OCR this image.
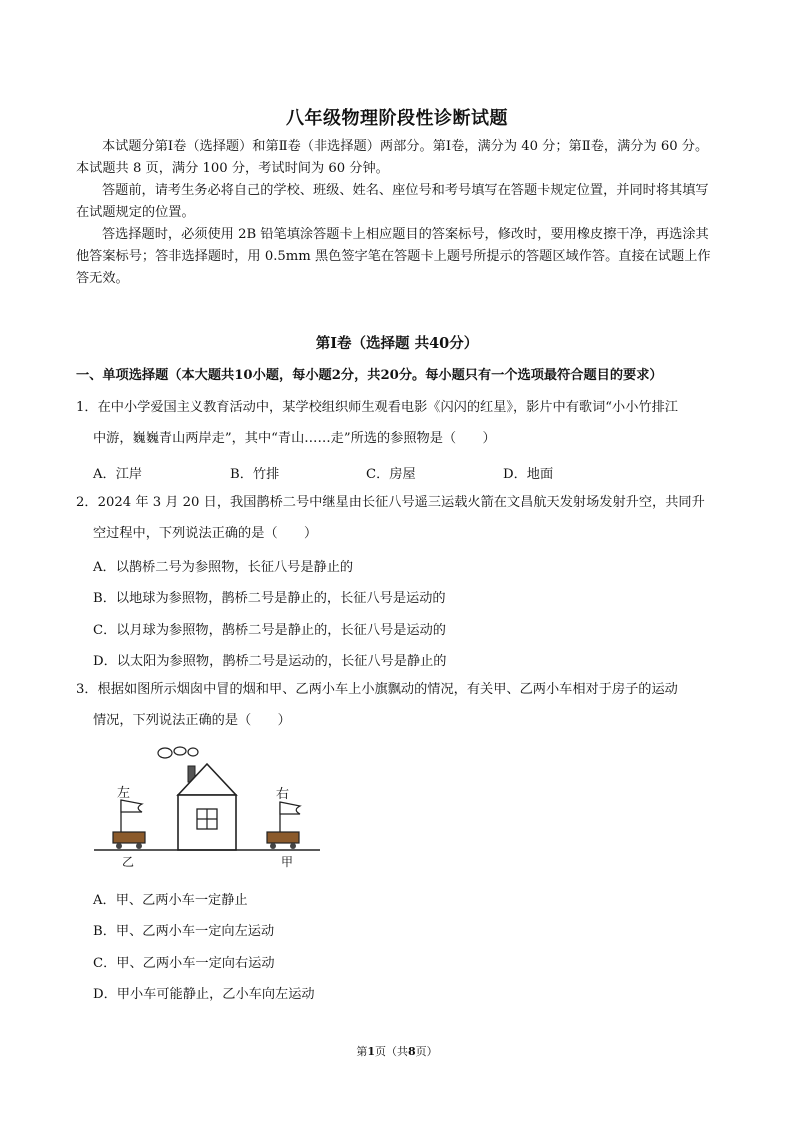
八年级物理阶段性诊断试题

本试题分第Ⅰ卷（选择题）和第Ⅱ卷（非选择题）两部分。第Ⅰ卷，满分为 40 分；第Ⅱ卷，满分为 60 分。本试题共 8 页，满分 100 分，考试时间为 60 分钟。

答题前，请考生务必将自己的学校、班级、姓名、座位号和考号填写在答题卡规定位置，并同时将其填写在试题规定的位置。

答选择题时，必须使用 2B 铅笔填涂答题卡上相应题目的答案标号，修改时，要用橡皮擦干净，再选涂其他答案标号；答非选择题时，用 0.5mm 黑色签字笔在答题卡上题号所提示的答题区域作答。直接在试题上作答无效。

第Ⅰ卷（选择题 共40分）
一、单项选择题（本大题共10小题，每小题2分，共20分。每小题只有一个选项最符合题目的要求）
1．在中小学爱国主义教育活动中，某学校组织师生观看电影《闪闪的红星》，影片中有歌词“小小竹排江
中游，巍巍青山两岸走”，其中“青山……走”所选的参照物是（　　）
A．江岸	B．竹排	C．房屋	D．地面
2．2024 年 3 月 20 日，我国鹊桥二号中继星由长征八号遥三运载火箭在文昌航天发射场发射升空，共同升
空过程中，下列说法正确的是（　　）
A．以鹊桥二号为参照物，长征八号是静止的
B．以地球为参照物，鹊桥二号是静止的，长征八号是运动的
C．以月球为参照物，鹊桥二号是静止的，长征八号是运动的
D．以太阳为参照物，鹊桥二号是运动的，长征八号是静止的
3．根据如图所示烟囱中冒的烟和甲、乙两小车上小旗飘动的情况，有关甲、乙两小车相对于房子的运动
情况，下列说法正确的是（　　）
左	右
乙	甲
A．甲、乙两小车一定静止
B．甲、乙两小车一定向左运动
C．甲、乙两小车一定向右运动
D．甲小车可能静止，乙小车向左运动
第1页（共8页）
